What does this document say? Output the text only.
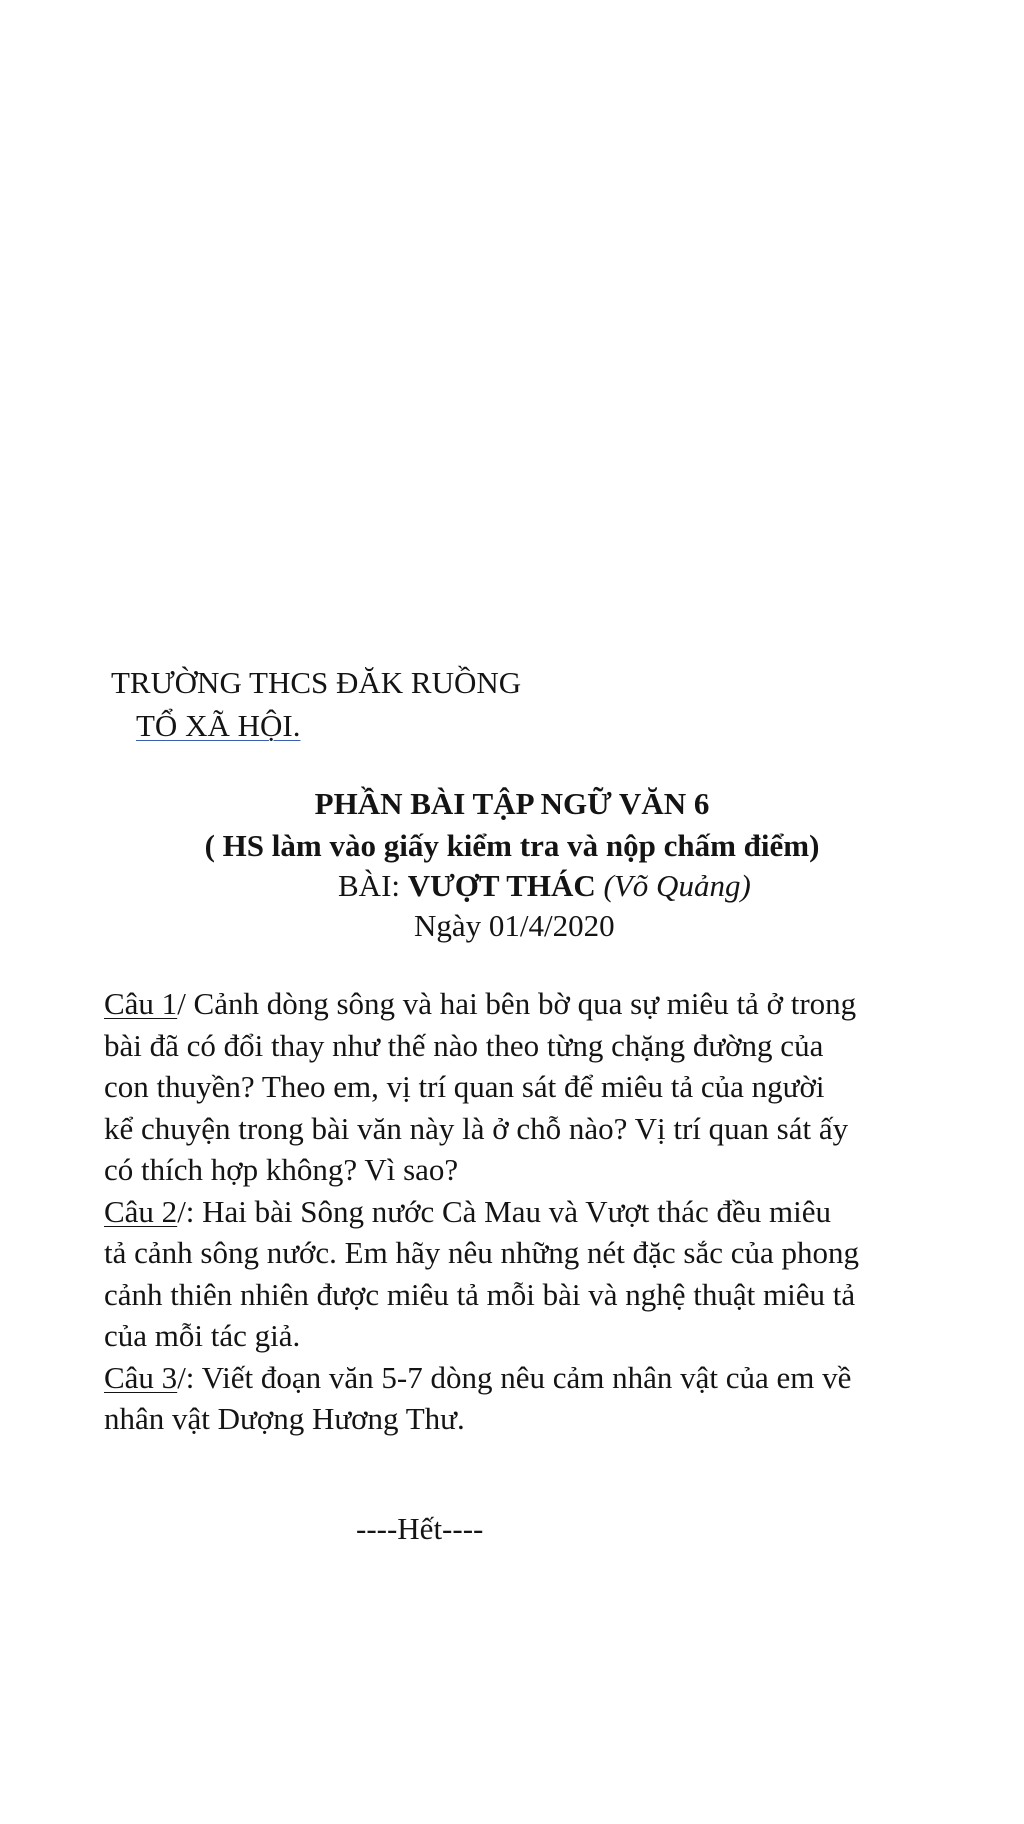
TRƯỜNG THCS ĐĂK RUỒNG
TỔ XÃ HỘI.
PHẦN BÀI TẬP NGỮ VĂN 6
( HS làm vào giấy kiểm tra và nộp chấm điểm)
BÀI: VƯỢT THÁC (Võ Quảng)
Ngày 01/4/2020
Câu 1/ Cảnh dòng sông và hai bên bờ qua sự miêu tả ở trong
bài đã có đổi thay như thế nào theo từng chặng đường của
con thuyền? Theo em, vị trí quan sát để miêu tả của người
kể chuyện trong bài văn này là ở chỗ nào? Vị trí quan sát ấy
có thích hợp không? Vì sao?
Câu 2/: Hai bài Sông nước Cà Mau và Vượt thác đều miêu
tả cảnh sông nước. Em hãy nêu những nét đặc sắc của phong
cảnh thiên nhiên được miêu tả mỗi bài và nghệ thuật miêu tả
của mỗi tác giả.
Câu 3/: Viết đoạn văn 5-7 dòng nêu cảm nhân vật của em về
nhân vật Dượng Hương Thư.
----Hết----
